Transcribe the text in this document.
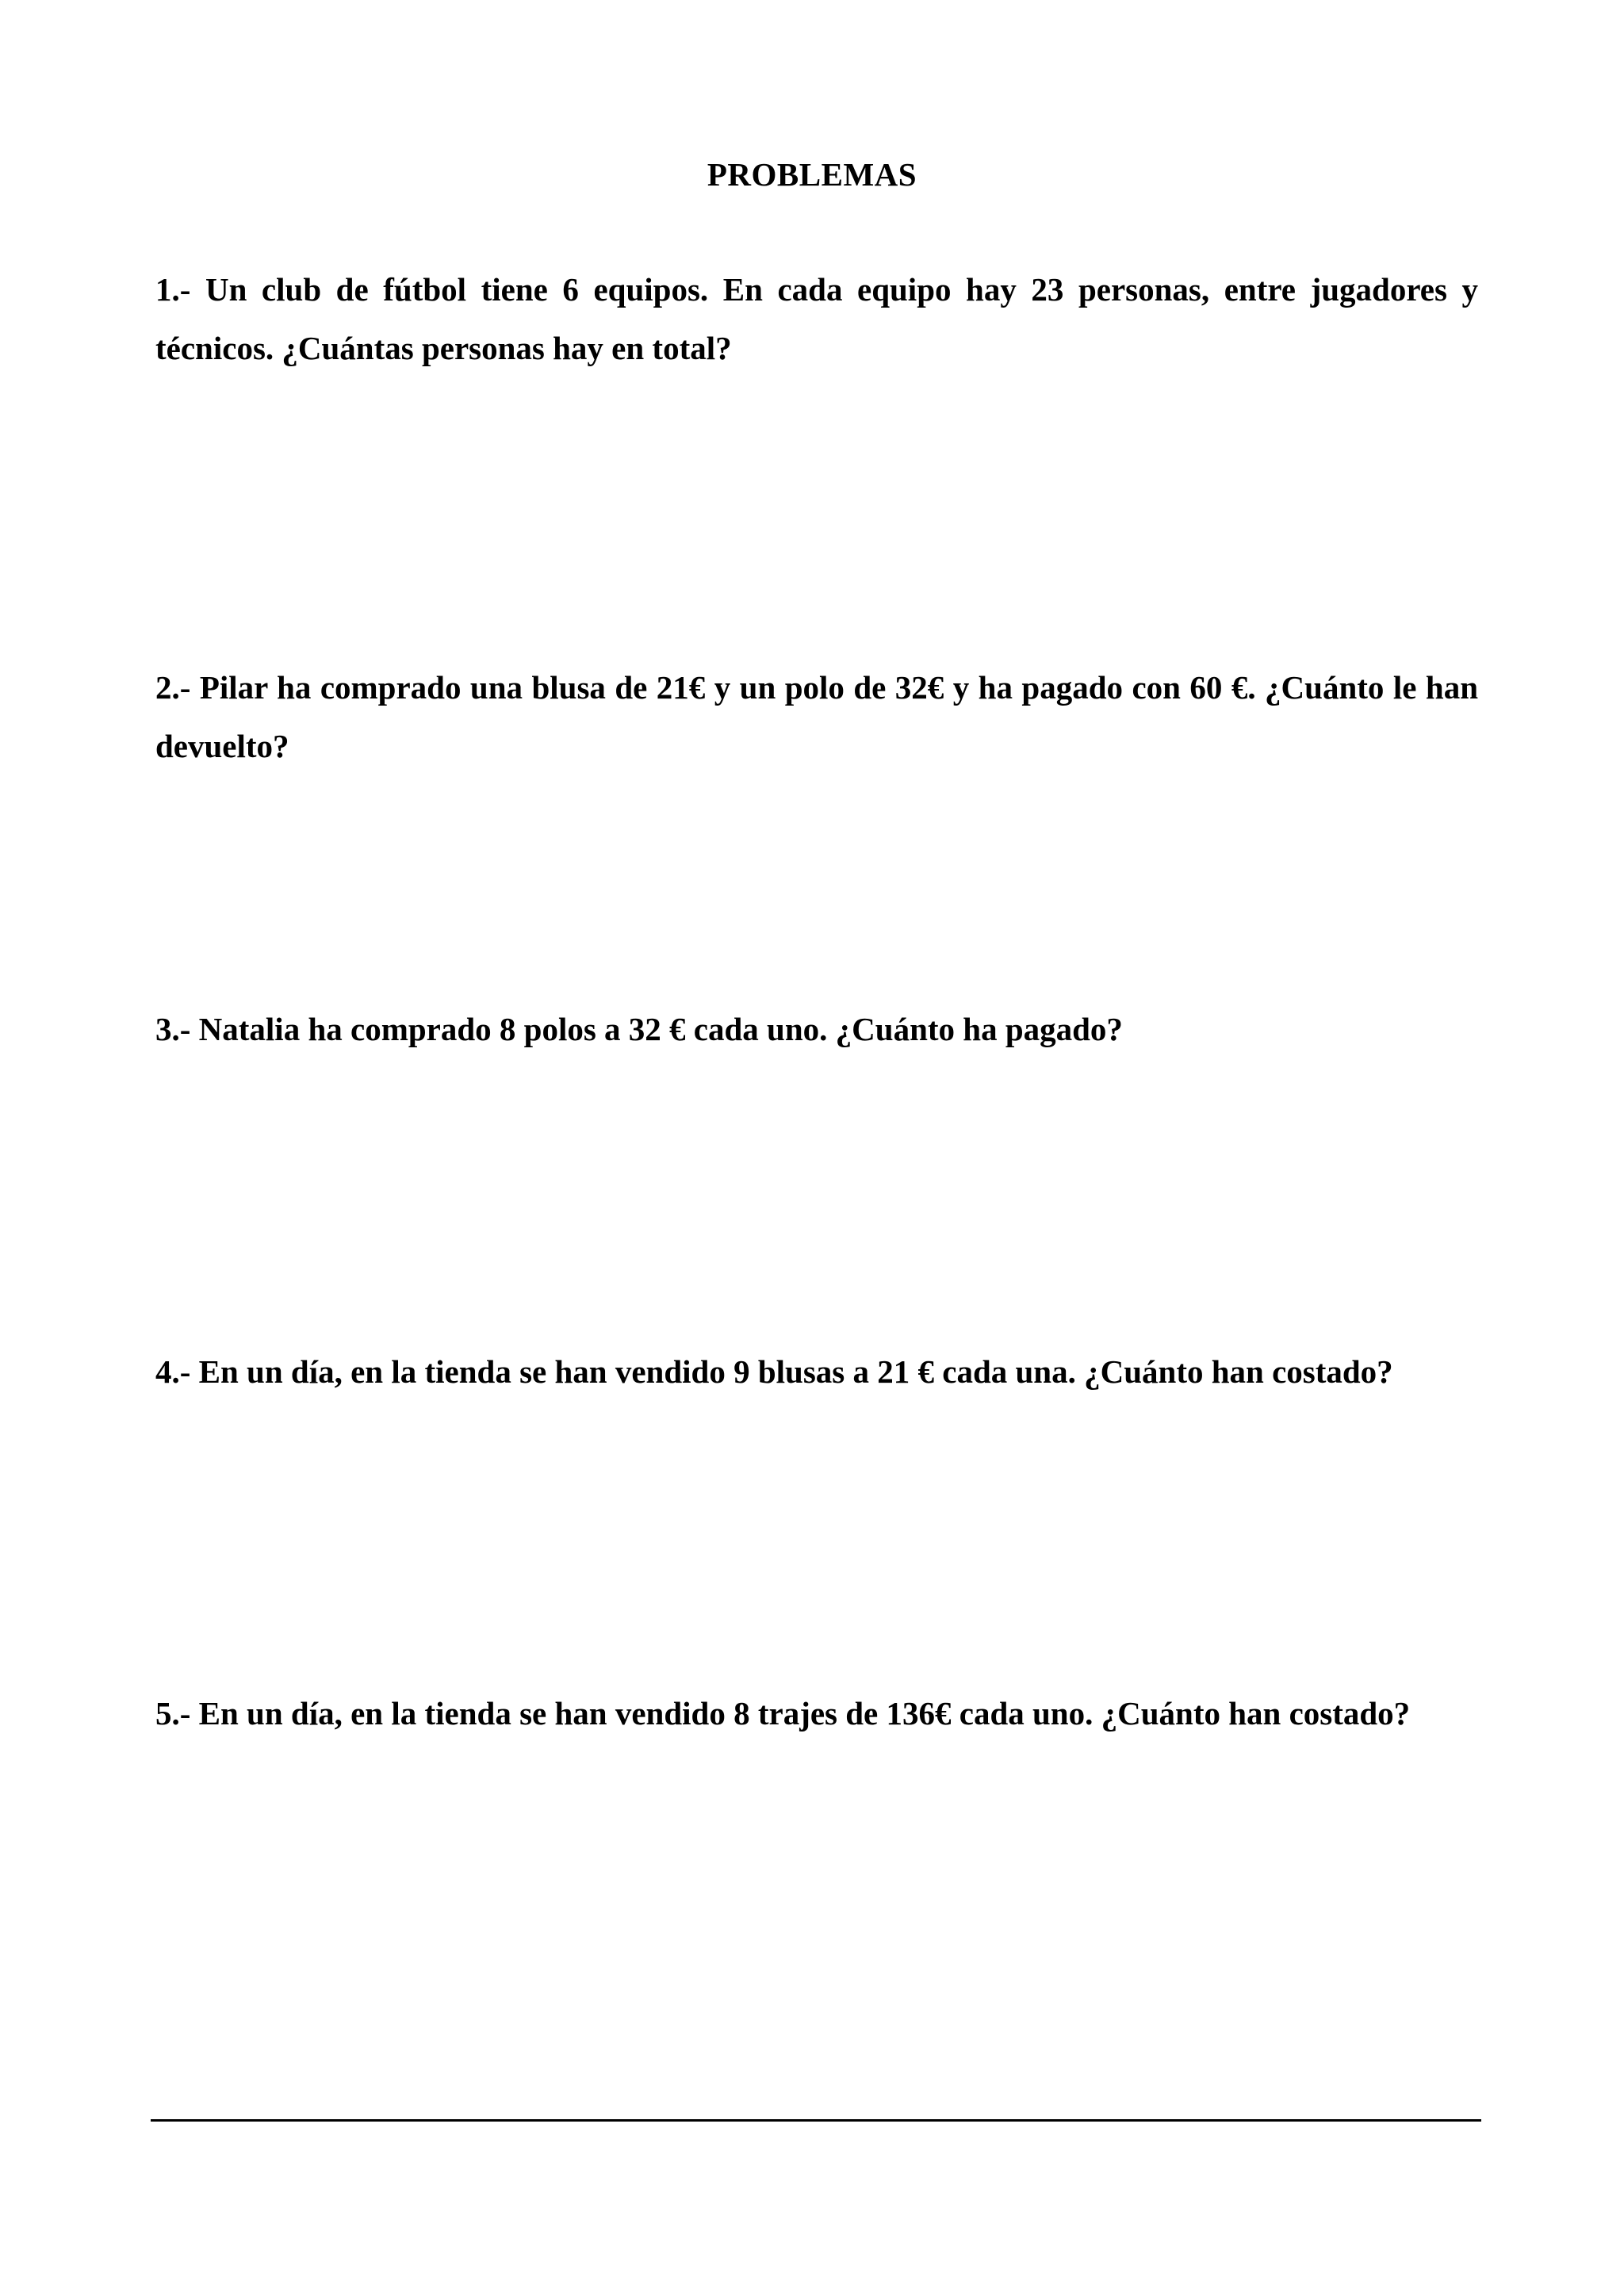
PROBLEMAS

1.- Un club de fútbol tiene 6 equipos. En cada equipo hay 23 personas, entre jugadores y técnicos. ¿Cuántas personas hay en total?

2.- Pilar ha comprado una blusa de 21€ y un polo de 32€ y ha pagado con 60 €. ¿Cuánto le han devuelto?

3.- Natalia ha comprado 8 polos a 32 € cada uno. ¿Cuánto ha pagado?

4.- En un día, en la tienda se han vendido 9 blusas a 21 € cada una. ¿Cuánto han costado?

5.- En un día, en la tienda se han vendido 8 trajes de 136€ cada uno. ¿Cuánto han costado?
